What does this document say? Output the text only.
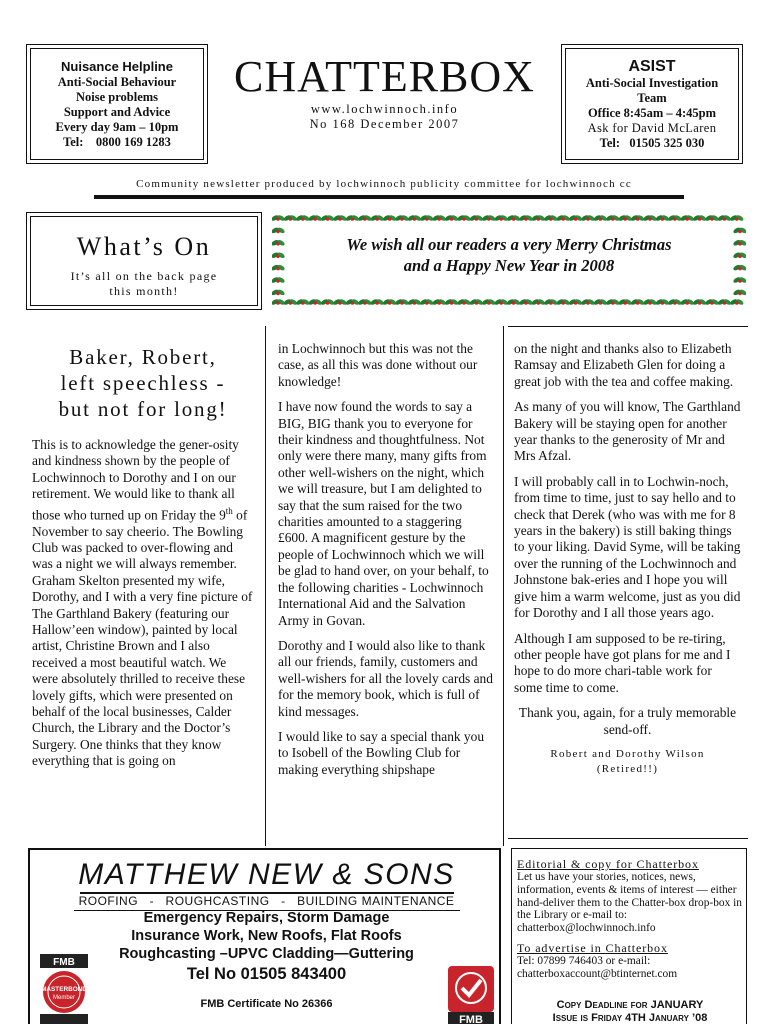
Nuisance Helpline
Anti-Social Behaviour
Noise problems
Support and Advice
Every day 9am – 10pm
Tel:    0800 169 1283
CHATTERBOX
www.lochwinnoch.info
No 168 December 2007
ASIST
Anti-Social Investigation
Team
Office 8:45am – 4:45pm
Ask for David McLaren
Tel:   01505 325 030
Community newsletter produced by lochwinnoch publicity committee for lochwinnoch cc
What’s On
It’s all on the back page
this month!
We wish all our readers a very Merry Christmas
and a Happy New Year in 2008
Baker, Robert,
left speechless -
but not for long!

This is to acknowledge the gener-osity and kindness shown by the people of Lochwinnoch to Dorothy and I on our retirement. We would like to thank all those who turned up on Friday the 9th of November to say cheerio. The Bowling Club was packed to over-flowing and was a night we will always remember.

Graham Skelton presented my wife, Dorothy, and I with a very fine picture of The Garthland Bakery (featuring our Hallow’een window), painted by local artist, Christine Brown and I also received a most beautiful watch. We were absolutely thrilled to receive these lovely gifts, which were presented on behalf of the local businesses, Calder Church, the Library and the Doctor’s Surgery. One thinks that they know everything that is going on

in Lochwinnoch but this was not the case, as all this was done without our knowledge!

I have now found the words to say a BIG, BIG thank you to everyone for their kindness and thoughtfulness. Not only were there many, many gifts from other well-wishers on the night, which we will treasure, but I am delighted to say that the sum raised for the two charities amounted to a staggering £600. A magnificent gesture by the people of Lochwinnoch which we will be glad to hand over, on your behalf, to the following charities - Lochwinnoch International Aid and the Salvation Army in Govan.

Dorothy and I would also like to thank all our friends, family, customers and well-wishers for all the lovely cards and for the memory book, which is full of kind messages.

I would like to say a special thank you to Isobell of the Bowling Club for making everything shipshape

on the night and thanks also to Elizabeth Ramsay and Elizabeth Glen for doing a great job with the tea and coffee making.

As many of you will know, The Garthland Bakery will be staying open for another year thanks to the generosity of Mr and Mrs Afzal.

I will probably call in to Lochwin-noch, from time to time, just to say hello and to check that Derek (who was with me for 8 years in the bakery) is still baking things to your liking. David Syme, will be taking over the running of the Lochwinnoch and Johnstone bak-eries and I hope you will give him a warm welcome, just as you did for Dorothy and I all those years ago.

Although I am supposed to be re-tiring, other people have got plans for me and I hope to do more chari-table work for some time to come.

Thank you, again, for a truly memorable send-off.

Robert and Dorothy Wilson
(Retired!!)
MATTHEW NEW & SONS
ROOFING   -   ROUGHCASTING   -   BUILDING MAINTENANCE
Emergency Repairs, Storm Damage
Insurance Work, New Roofs, Flat Roofs
Roughcasting –UPVC Cladding—Guttering
Tel No 01505 843400
FMB Certificate No 26366
FMB
MASTERBOND
Member
FMB
Editorial & copy for Chatterbox
Let us have your stories, notices, news, information, events & items of interest — either hand-deliver them to the Chatter-box drop-box in the Library or e-mail to:
chatterbox@lochwinnoch.info
To advertise in Chatterbox
Tel: 07899 746403 or e-mail:
chatterboxaccount@btinternet.com
Copy Deadline for JANUARY
Issue is Friday 4TH January ’08
